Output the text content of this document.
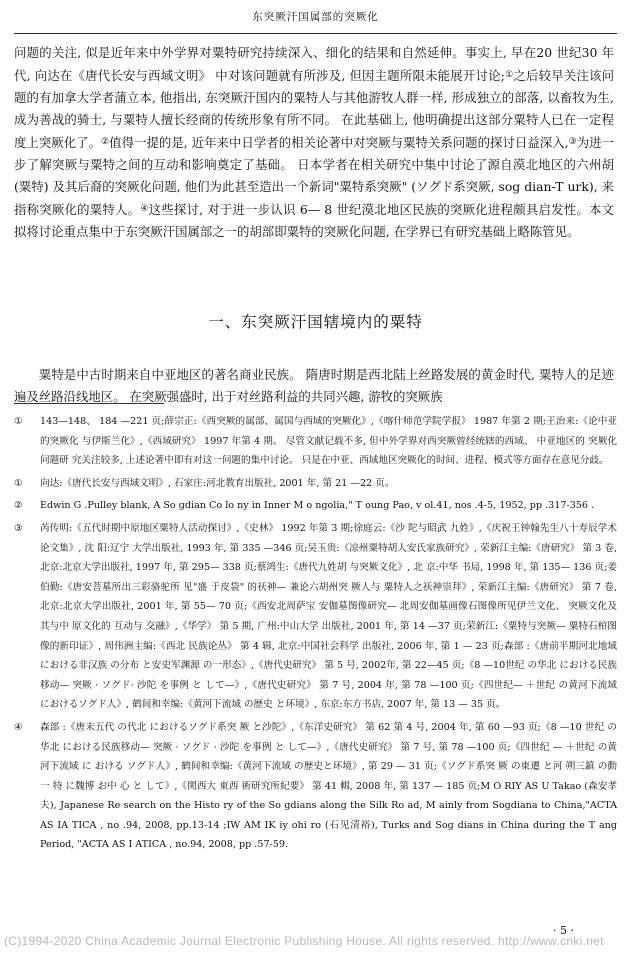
东突厥汗国属部的突厥化

问题的关注, 似是近年来中外学界对粟特研究持续深入、细化的结果和自然延伸。事实上, 早在20 世纪30 年代, 向达在《唐代长安与西域文明》 中对该问题就有所涉及, 但因主题所限未能展开讨论;①之后较早关注该问题的有加拿大学者蒲立本, 他指出, 东突厥汗国内的粟特人与其他游牧人群一样, 形成独立的部落, 以畜牧为生, 成为善战的骑士, 与粟特人擅长经商的传统形象有所不同。 在此基础上, 他明确提出这部分粟特人已在一定程度上突厥化了。②值得一提的是, 近年来中日学者的相关论著中对突厥与粟特关系问题的探讨日益深入,③为进一步了解突厥与粟特之间的互动和影响奠定了基础。 日本学者在相关研究中集中讨论了源自漠北地区的六州胡(粟特) 及其后裔的突厥化问题, 他们为此甚至造出一个新词"粟特系突厥" (ソグド系突厥, sog dian-T urk), 来指称突厥化的粟特人。④这些探讨, 对于进一步认识 6— 8 世纪漠北地区民族的突厥化进程颇具启发性。本文拟将讨论重点集中于东突厥汗国属部之一的胡部即粟特的突厥化问题, 在学界已有研究基础上略陈管见。

一、东突厥汗国辖境内的粟特

粟特是中古时期来自中亚地区的著名商业民族。 隋唐时期是西北陆上丝路发展的黄金时代, 粟特人的足迹遍及丝路沿线地区。 在突厥强盛时, 出于对丝路利益的共同兴趣, 游牧的突厥族

①	143—148、 184 —221 页;薛宗正:《西突厥的属部、属国与西域的突厥化》,《喀什师范学院学报》 1987 年第 2 期;王治来:《论中亚的突厥化 与伊斯兰化》,《西域研究》 1997 年第 4 期。 尽管文献记载不多, 但中外学界对西突厥曾经统辖的西域、 中亚地区的 突厥化 问题研 究关注较多, 上述论著中即有对这一问题的集中讨论。 只是在中亚、西域地区突厥化的时间、进程、模式等方面存在意见分歧。
①	向达:《唐代长安与西域文明》, 石家庄:河北教育出版社, 2001 年, 第 21 —22 页。
②	Edwin G .Pulley blank, A So gdian Co lo ny in Inner M o ngolia," T oung Pao, v ol.41, nos .4-5, 1952, pp .317-356 .
③	芮传明:《五代时期中原地区粟特人活动探讨》,《史林》 1992 年第 3 期;徐庭云:《沙 陀与昭武 九姓》,《庆祝王钟翰先生八十寿辰学术论文集》, 沈 阳:辽宁 大学出版社, 1993 年, 第 335 —346 页;吴玉贵:《凉州粟特胡人安氏家族研究》, 荣新江主编:《唐研究》 第 3 卷, 北京:北京大学出版社, 1997 年, 第 295— 338 页;蔡鸿生:《唐代九姓胡 与突厥文化》, 北 京:中华 书局, 1998 年, 第 135— 136 页;姜伯勤:《唐安菩墓所出三彩骆驼所 见"盛 于皮袋" 的祆神— 兼论六胡州突 厥人与 粟特人之祆神崇拜》, 荣新江主编:《唐研究》 第 7 卷, 北京:北京大学出版社, 2001 年, 第 55— 70 页;《西安北周萨宝 安伽墓图像研究— 北周安伽墓画像石图像所见伊兰文化、 突厥文化及其与中 原文化的 互动与 交融》,《华学》 第 5 期, 广州:中山大学 出版社, 2001 年, 第 14 —37 页;荣新江:《粟特与突厥— 粟特石棺图像的新印证》, 周伟洲主编:《西北 民族论丛》 第 4 辑, 北京:中国社会科学 出版社, 2006 年, 第 1 — 23 页;森部 :《唐前半期河北地域 における非汉族 の分布 と安史军渊源 の一形态》,《唐代史研究》 第 5 号, 2002年, 第 22—45 页;《8 —10世纪 の华北 における民族移动— 突厥 · ソグド· 沙陀 を事例 と して—》,《唐代史研究》 第 7 号, 2004 年, 第 78 —100 页;《四世纪— ＋世纪 の黄河下流域 におけるソグド人》, 鹤间和幸编:《黄河下流域 の歴史 と环境》, 东京:东方书店, 2007 年, 第 13 — 35 页。
④	森部 :《唐末五代 の代北 におけるソグド系突 厥 と沙陀》,《东洋史研究》 第 62 第 4 号, 2004 年, 第 60 —93 页;《8 —10 世纪 の华北 における民族移动— 突厥 · ソグド · 沙陀 を事例 と して—》,《唐代史研究》 第 7 号, 第 78 —100 页;《四世纪 — ＋世纪 の黄河下流域 に おける ソグド人》, 鹤间和幸编:《黄河下流域 の歴史と环境》, 第 29 — 31 页;《ソグド系突 厥 の東遷 と河 朔三鎮 の動 一 特 に魏博 お中 心 と して》,《関西大 東西 術研究所紀要》 第 41 輯, 2008 年, 第 137 — 185 页;M O RIY AS U Takao (森安孝 夫), Japanese Re search on the Histo ry of the So gdians along the Silk Ro ad, M ainly from Sogdiana to China,"ACTA AS IA TICA , no .94, 2008, pp.13-14 ;IW AM IK iy ohi ro (石见清裕), Turks and Sog dians in China during the T ang Period, "ACTA AS I ATICA , no.94, 2008, pp .57-59.
· 5 ·
(C)1994-2020 China Academic Journal Electronic Publishing House. All rights reserved. http://www.cnki.net
